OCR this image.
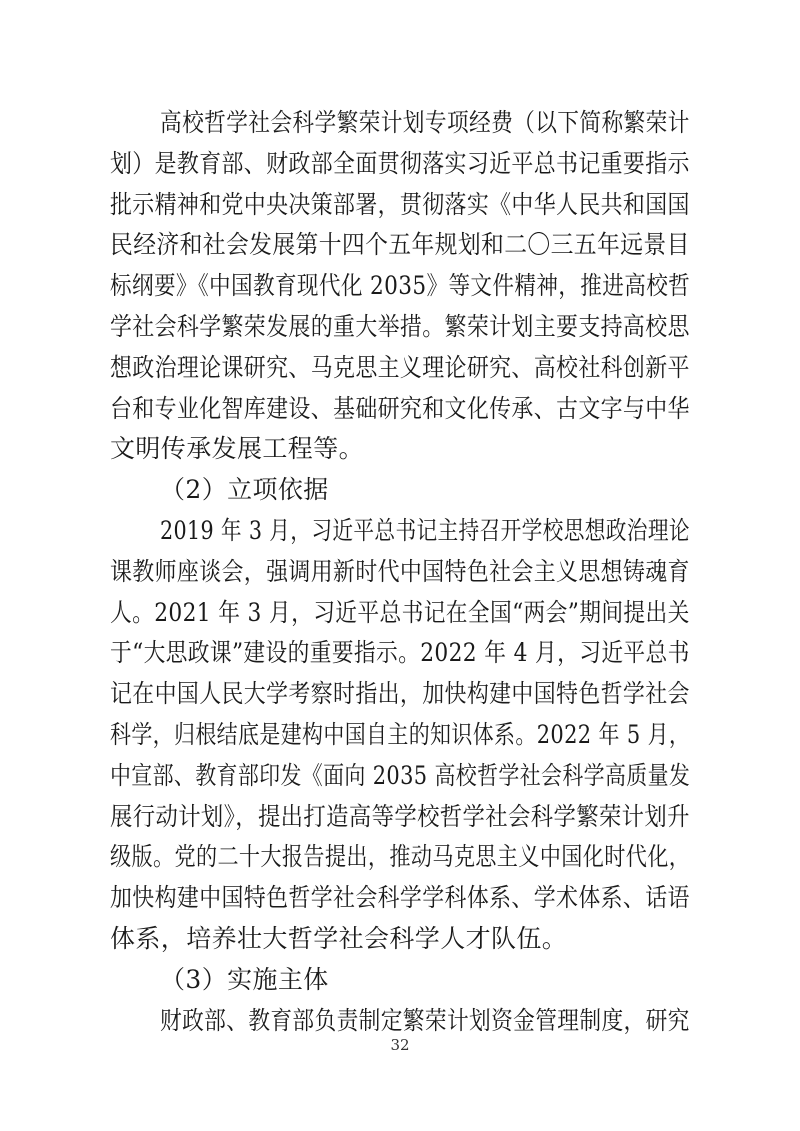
高校哲学社会科学繁荣计划专项经费（以下简称繁荣计
划）是教育部、财政部全面贯彻落实习近平总书记重要指示
批示精神和党中央决策部署，贯彻落实《中华人民共和国国
民经济和社会发展第十四个五年规划和二〇三五年远景目
标纲要》《中国教育现代化 2035》等文件精神，推进高校哲
学社会科学繁荣发展的重大举措。繁荣计划主要支持高校思
想政治理论课研究、马克思主义理论研究、高校社科创新平
台和专业化智库建设、基础研究和文化传承、古文字与中华
文明传承发展工程等。
（2）立项依据
2019 年 3 月，习近平总书记主持召开学校思想政治理论
课教师座谈会，强调用新时代中国特色社会主义思想铸魂育
人。2021 年 3 月，习近平总书记在全国“两会”期间提出关
于“大思政课”建设的重要指示。2022 年 4 月，习近平总书
记在中国人民大学考察时指出，加快构建中国特色哲学社会
科学，归根结底是建构中国自主的知识体系。2022 年 5 月，
中宣部、教育部印发《面向 2035 高校哲学社会科学高质量发
展行动计划》，提出打造高等学校哲学社会科学繁荣计划升
级版。党的二十大报告提出，推动马克思主义中国化时代化，
加快构建中国特色哲学社会科学学科体系、学术体系、话语
体系，培养壮大哲学社会科学人才队伍。
（3）实施主体
财政部、教育部负责制定繁荣计划资金管理制度，研究
32
